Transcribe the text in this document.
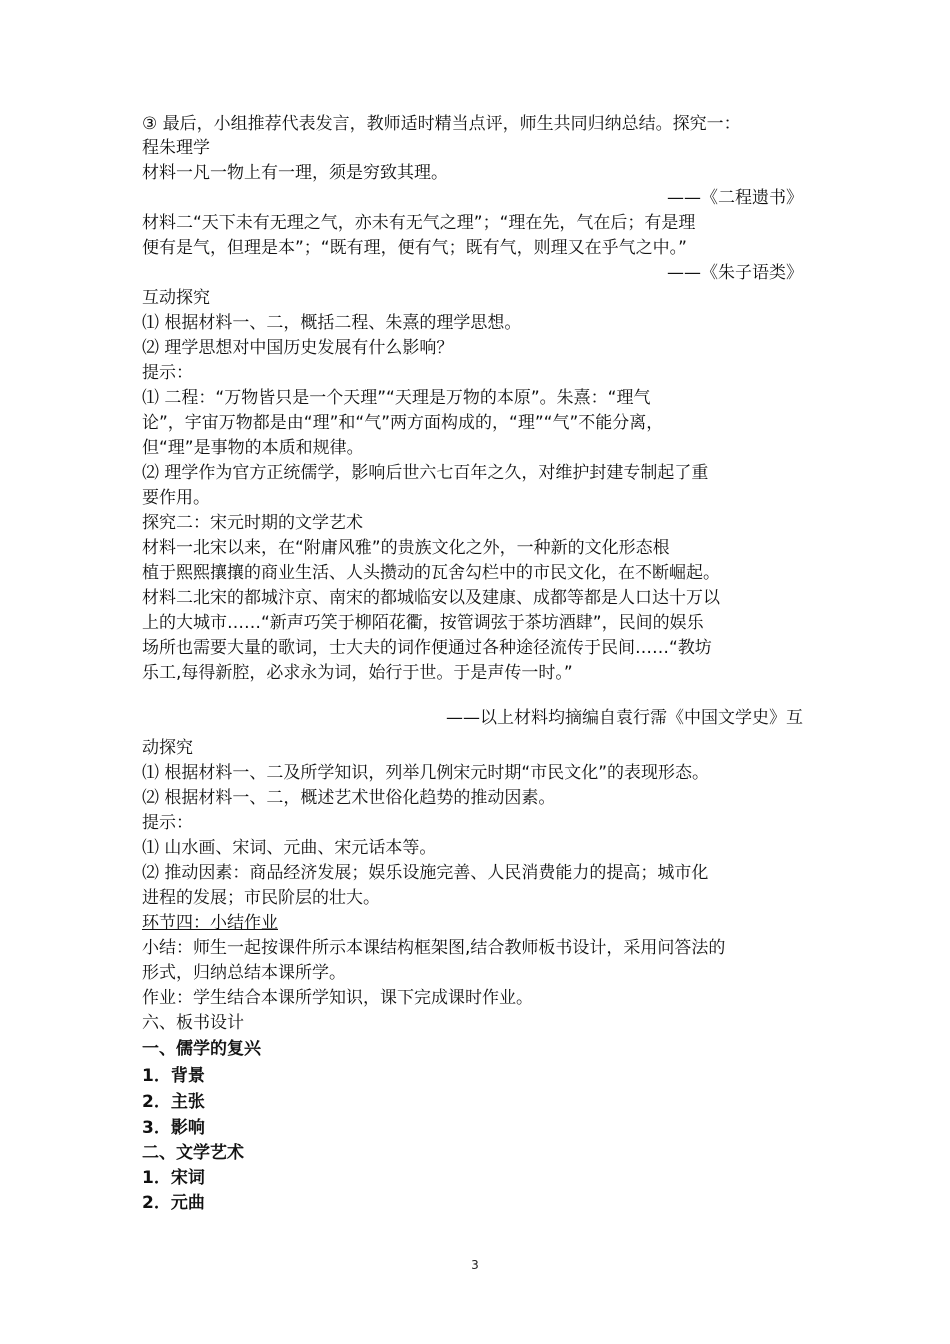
③ 最后，小组推荐代表发言，教师适时精当点评，师生共同归纳总结。探究一：
程朱理学
材料一凡一物上有一理，须是穷致其理。
——《二程遗书》
材料二“天下未有无理之气，亦未有无气之理”；“理在先，气在后；有是理
便有是气，但理是本”；“既有理，便有气；既有气，则理又在乎气之中。”
——《朱子语类》
互动探究
⑴ 根据材料一、二，概括二程、朱熹的理学思想。
⑵ 理学思想对中国历史发展有什么影响？
提示：
⑴ 二程：“万物皆只是一个天理”“天理是万物的本原”。朱熹：“理气
论”，宇宙万物都是由“理”和“气”两方面构成的，“理”“气”不能分离，
但“理”是事物的本质和规律。
⑵ 理学作为官方正统儒学，影响后世六七百年之久，对维护封建专制起了重
要作用。
探究二：宋元时期的文学艺术
材料一北宋以来，在“附庸风雅”的贵族文化之外，一种新的文化形态根
植于熙熙攘攘的商业生活、人头攒动的瓦舍勾栏中的市民文化，在不断崛起。
材料二北宋的都城汴京、南宋的都城临安以及建康、成都等都是人口达十万以
上的大城市……“新声巧笑于柳陌花衢，按管调弦于茶坊酒肆”，民间的娱乐
场所也需要大量的歌词，士大夫的词作便通过各种途径流传于民间……“教坊
乐工,每得新腔，必求永为词，始行于世。于是声传一时。”
——以上材料均摘编自袁行霈《中国文学史》互
动探究
⑴ 根据材料一、二及所学知识，列举几例宋元时期“市民文化”的表现形态。
⑵ 根据材料一、二，概述艺术世俗化趋势的推动因素。
提示：
⑴ 山水画、宋词、元曲、宋元话本等。
⑵ 推动因素：商品经济发展；娱乐设施完善、人民消费能力的提高；城市化
进程的发展；市民阶层的壮大。
环节四：小结作业
小结：师生一起按课件所示本课结构框架图,结合教师板书设计，采用问答法的
形式，归纳总结本课所学。
作业：学生结合本课所学知识，课下完成课时作业。
六、板书设计
一、儒学的复兴
1．背景
2．主张
3．影响
二、文学艺术
1．宋词
2．元曲
3
